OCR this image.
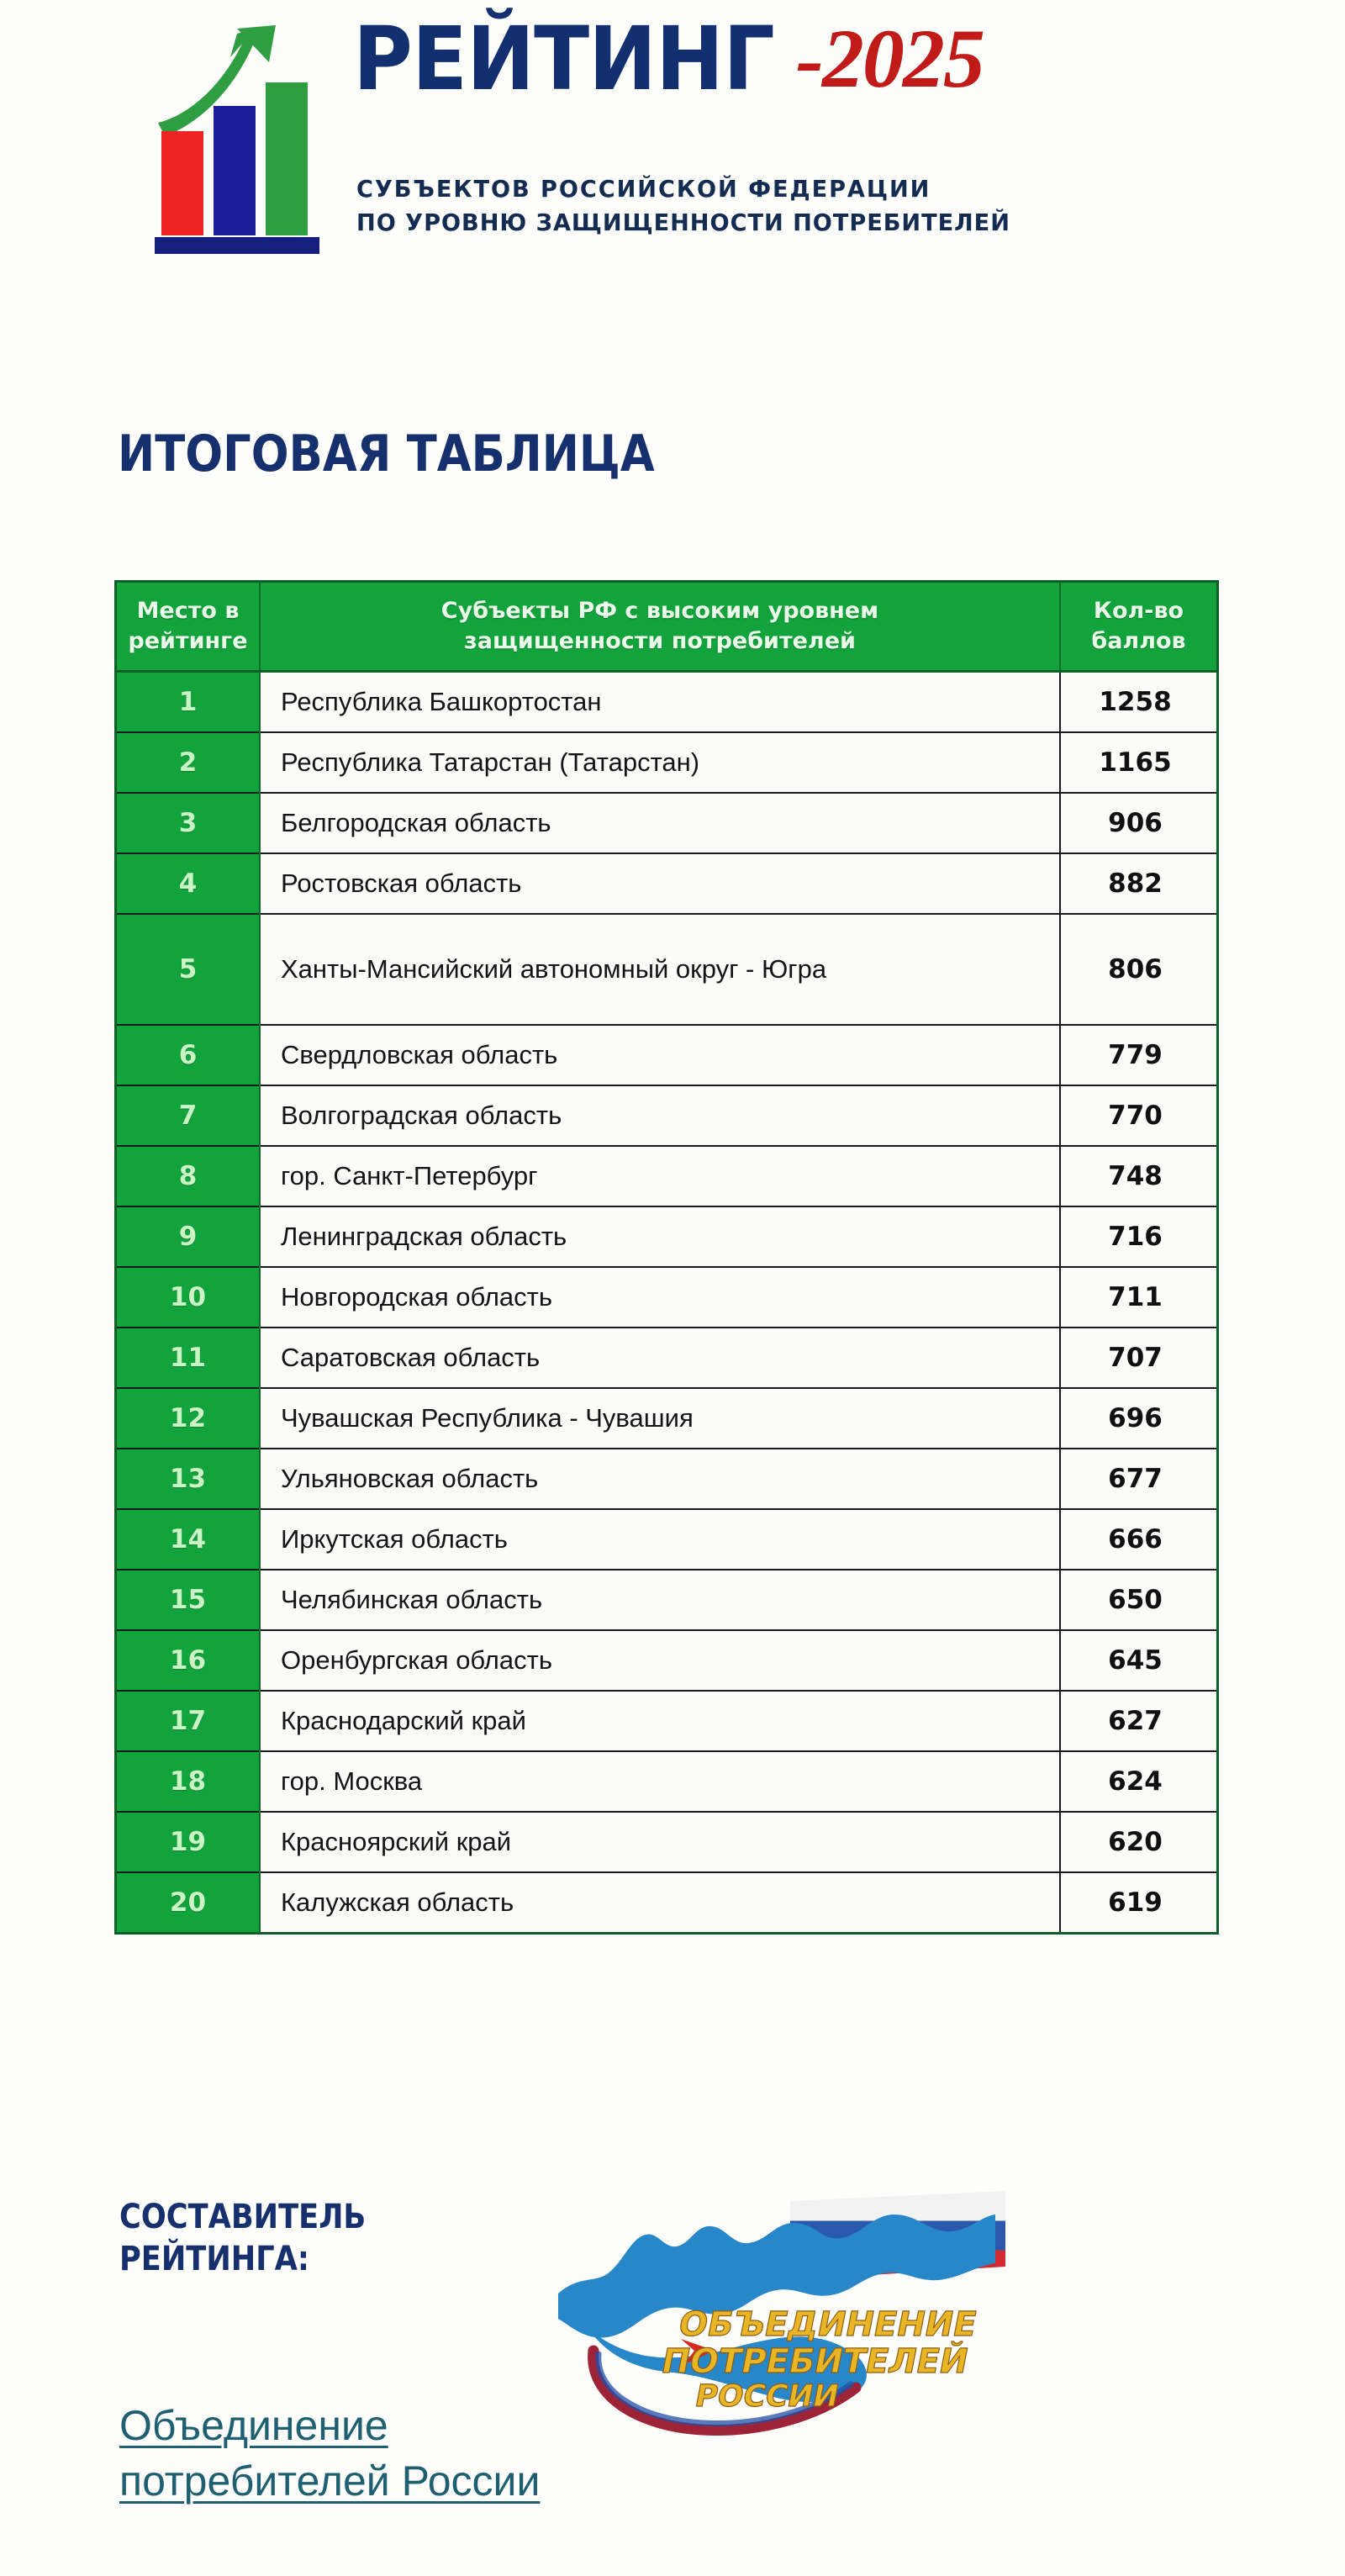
РЕЙТИНГ -2025
СУБЪЕКТОВ РОССИЙСКОЙ ФЕДЕРАЦИИ
ПО УРОВНЮ ЗАЩИЩЕННОСТИ ПОТРЕБИТЕЛЕЙ
ИТОГОВАЯ ТАБЛИЦА
Место в
рейтинге

Субъекты РФ с высоким уровнем
защищенности потребителей

Кол-во
баллов

1	Республика Башкортостан	1258
2	Республика Татарстан (Татарстан)	1165
3	Белгородская область	906
4	Ростовская область	882
5	Ханты-Мансийский автономный округ - Югра	806
6	Свердловская область	779
7	Волгоградская область	770
8	гор. Санкт-Петербург	748
9	Ленинградская область	716
10	Новгородская область	711
11	Саратовская область	707
12	Чувашская Республика - Чувашия	696
13	Ульяновская область	677
14	Иркутская область	666
15	Челябинская область	650
16	Оренбургская область	645
17	Краснодарский край	627
18	гор. Москва	624
19	Красноярский край	620
20	Калужская область	619
СОСТАВИТЕЛЬ
РЕЙТИНГА:
ОБЪЕДИНЕНИЕ
ПОТРЕБИТЕЛЕЙ
РОССИИ
Объединение
потребителей России
